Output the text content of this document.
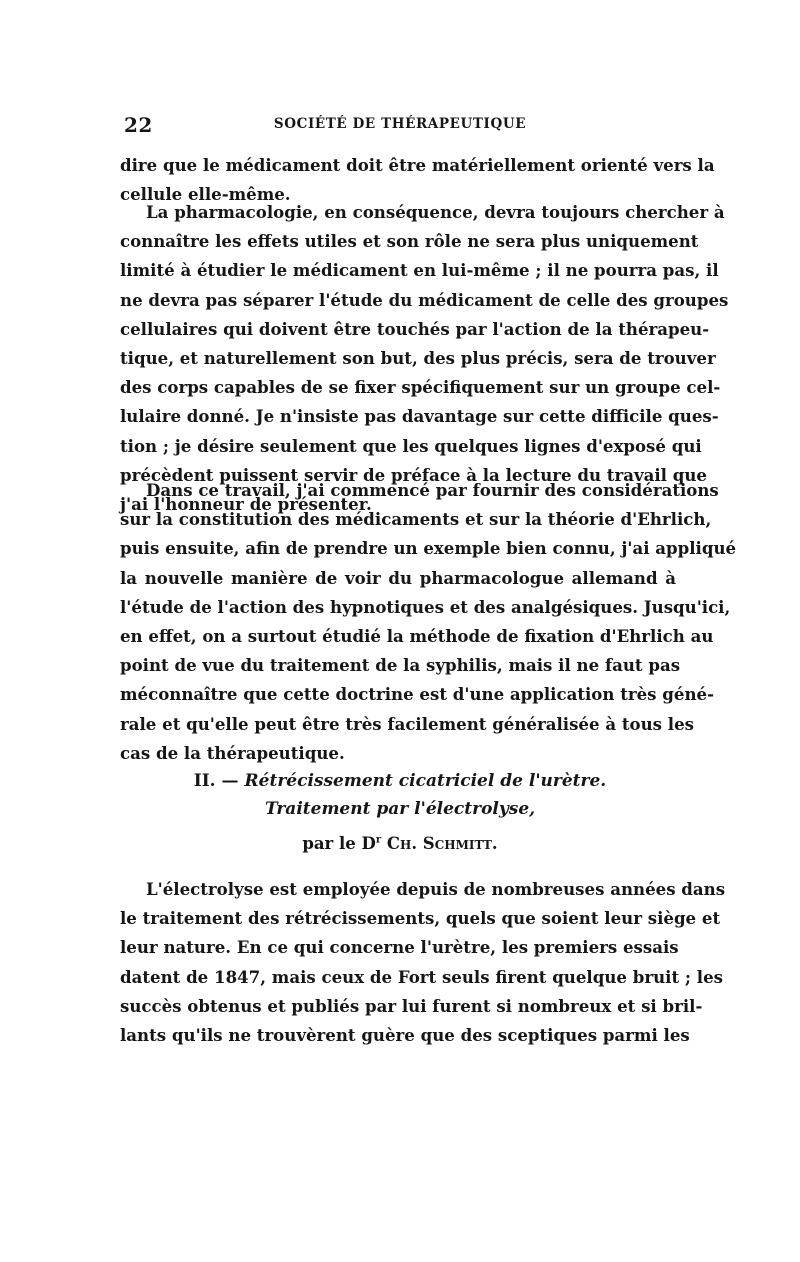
22	SOCIÉTÉ DE THÉRAPEUTIQUE
dire que le médicament doit être matériellement orienté vers la
cellule elle-même.
La pharmacologie, en conséquence, devra toujours chercher à
connaître les effets utiles et son rôle ne sera plus uniquement
limité à étudier le médicament en lui-même ; il ne pourra pas, il
ne devra pas séparer l'étude du médicament de celle des groupes
cellulaires qui doivent être touchés par l'action de la thérapeu-
tique, et naturellement son but, des plus précis, sera de trouver
des corps capables de se fixer spécifiquement sur un groupe cel-
lulaire donné. Je n'insiste pas davantage sur cette difficile ques-
tion ; je désire seulement que les quelques lignes d'exposé qui
précèdent puissent servir de préface à la lecture du travail que
j'ai l'honneur de présenter.
Dans ce travail, j'ai commencé par fournir des considérations
sur la constitution des médicaments et sur la théorie d'Ehrlich,
puis ensuite, afin de prendre un exemple bien connu, j'ai appliqué
la nouvelle manière de voir du pharmacologue allemand à
l'étude de l'action des hypnotiques et des analgésiques. Jusqu'ici,
en effet, on a surtout étudié la méthode de fixation d'Ehrlich au
point de vue du traitement de la syphilis, mais il ne faut pas
méconnaître que cette doctrine est d'une application très géné-
rale et qu'elle peut être très facilement généralisée à tous les
cas de la thérapeutique.
II. — Rétrécissement cicatriciel de l'urètre.
Traitement par l'électrolyse,
par le $D^r$ Ch. Schmitt.
L'électrolyse est employée depuis de nombreuses années dans
le traitement des rétrécissements, quels que soient leur siège et
leur nature. En ce qui concerne l'urètre, les premiers essais
datent de 1847, mais ceux de Fort seuls firent quelque bruit ; les
succès obtenus et publiés par lui furent si nombreux et si bril-
lants qu'ils ne trouvèrent guère que des sceptiques parmi les
